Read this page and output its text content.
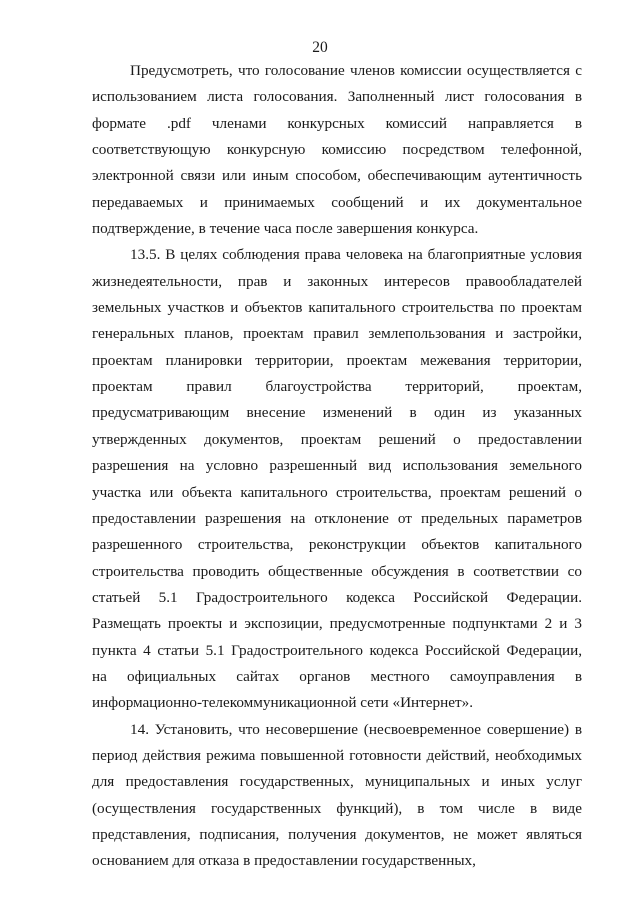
20
Предусмотреть, что голосование членов комиссии осуществляется с
использованием листа голосования. Заполненный лист голосования в
формате .pdf членами конкурсных комиссий направляется в
соответствующую конкурсную комиссию посредством телефонной,
электронной связи или иным способом, обеспечивающим аутентичность
передаваемых и принимаемых сообщений и их документальное
подтверждение, в течение часа после завершения конкурса.
13.5. В целях соблюдения права человека на благоприятные условия
жизнедеятельности, прав и законных интересов правообладателей
земельных участков и объектов капитального строительства по проектам
генеральных планов, проектам правил землепользования и застройки,
проектам планировки территории, проектам межевания территории,
проектам правил благоустройства территорий, проектам,
предусматривающим внесение изменений в один из указанных
утвержденных документов, проектам решений о предоставлении
разрешения на условно разрешенный вид использования земельного
участка или объекта капитального строительства, проектам решений о
предоставлении разрешения на отклонение от предельных параметров
разрешенного строительства, реконструкции объектов капитального
строительства проводить общественные обсуждения в соответствии со
статьей 5.1 Градостроительного кодекса Российской Федерации.
Размещать проекты и экспозиции, предусмотренные подпунктами 2 и 3
пункта 4 статьи 5.1 Градостроительного кодекса Российской Федерации,
на официальных сайтах органов местного самоуправления в
информационно-телекоммуникационной сети «Интернет».
14. Установить, что несовершение (несвоевременное совершение) в
период действия режима повышенной готовности действий, необходимых
для предоставления государственных, муниципальных и иных услуг
(осуществления государственных функций), в том числе в виде
представления, подписания, получения документов, не может являться
основанием для отказа в предоставлении государственных,
